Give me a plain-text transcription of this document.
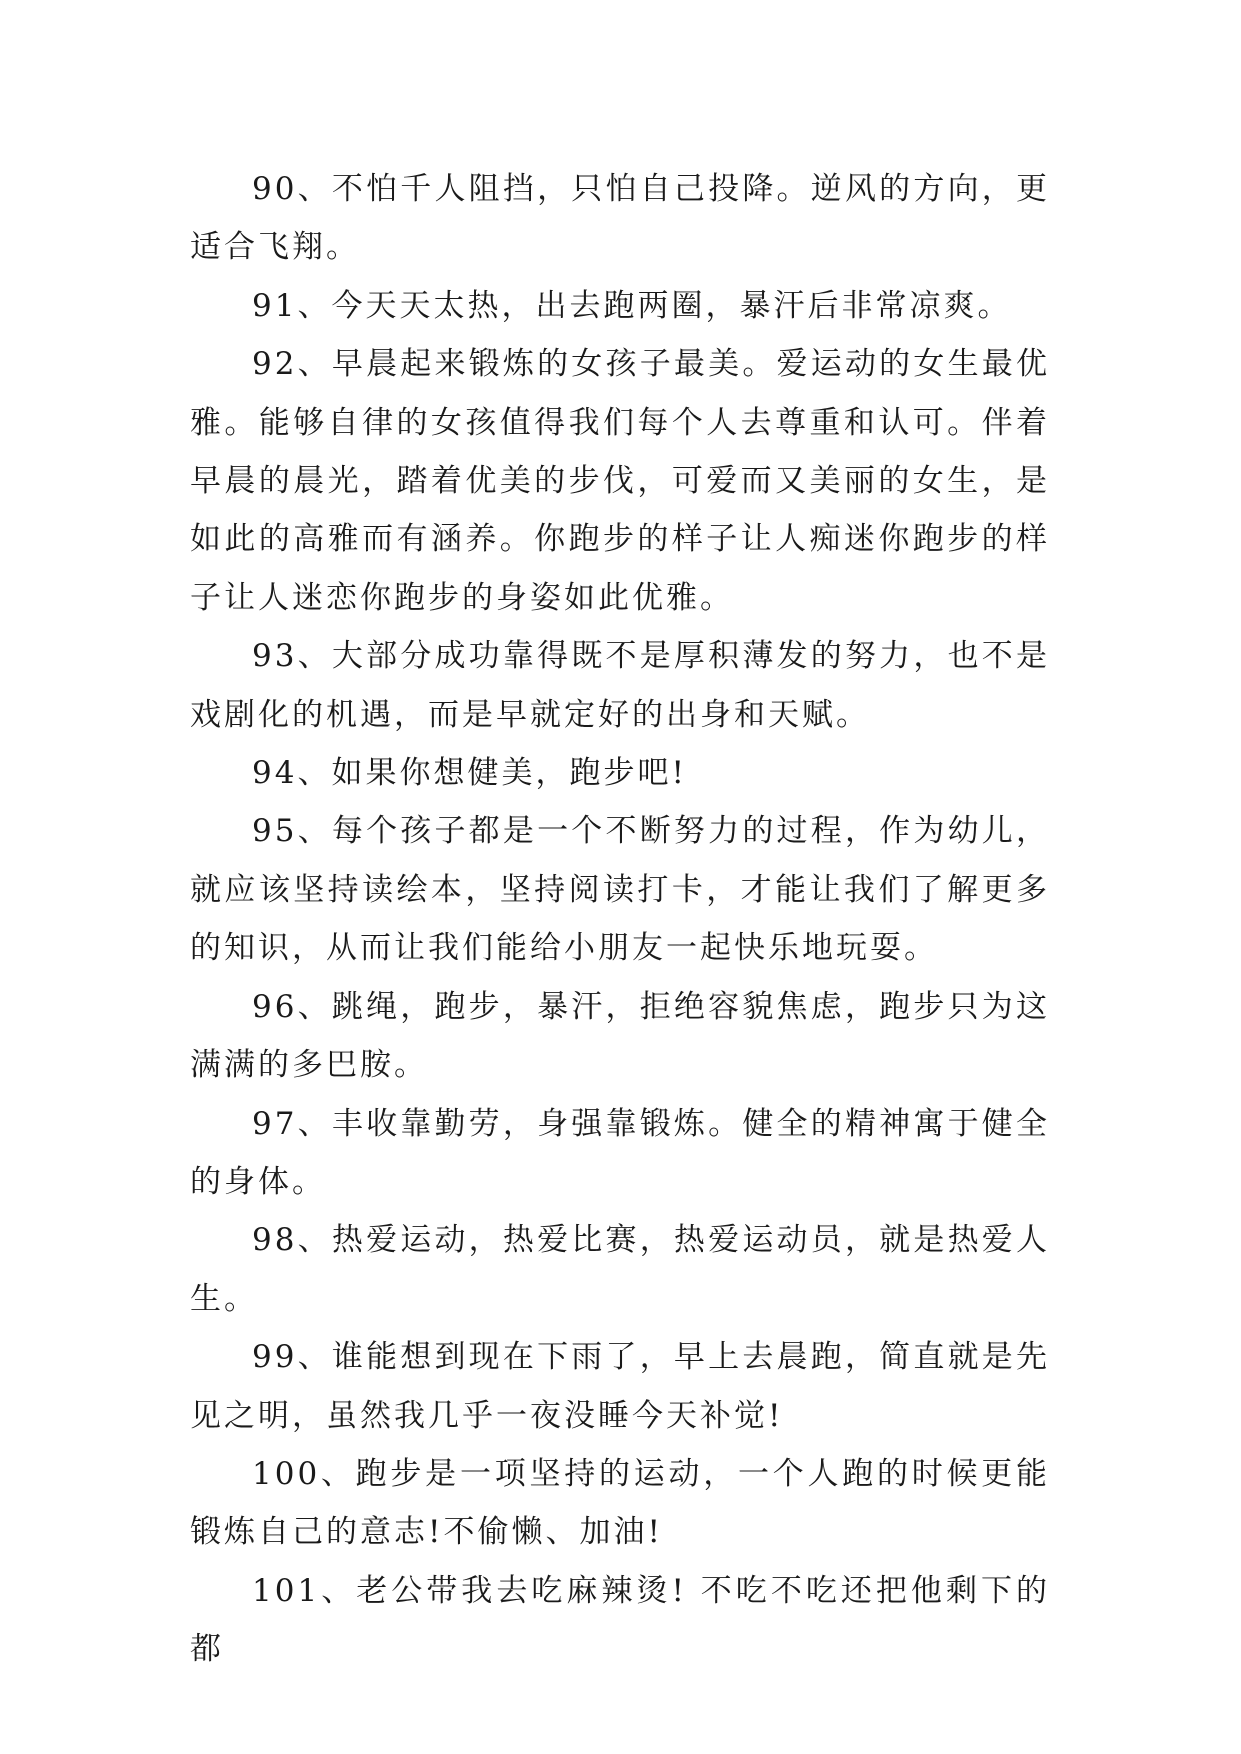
90、不怕千人阻挡，只怕自己投降。逆风的方向，更适合飞翔。

91、今天天太热，出去跑两圈，暴汗后非常凉爽。

92、早晨起来锻炼的女孩子最美。爱运动的女生最优雅。能够自律的女孩值得我们每个人去尊重和认可。伴着早晨的晨光，踏着优美的步伐，可爱而又美丽的女生，是如此的高雅而有涵养。你跑步的样子让人痴迷你跑步的样子让人迷恋你跑步的身姿如此优雅。

93、大部分成功靠得既不是厚积薄发的努力，也不是戏剧化的机遇，而是早就定好的出身和天赋。

94、如果你想健美，跑步吧!

95、每个孩子都是一个不断努力的过程，作为幼儿，就应该坚持读绘本，坚持阅读打卡，才能让我们了解更多的知识，从而让我们能给小朋友一起快乐地玩耍。

96、跳绳，跑步，暴汗，拒绝容貌焦虑，跑步只为这满满的多巴胺。

97、丰收靠勤劳，身强靠锻炼。健全的精神寓于健全的身体。

98、热爱运动，热爱比赛，热爱运动员，就是热爱人生。

99、谁能想到现在下雨了，早上去晨跑，简直就是先见之明，虽然我几乎一夜没睡今天补觉!

100、跑步是一项坚持的运动，一个人跑的时候更能锻炼自己的意志!不偷懒、加油!

101、老公带我去吃麻辣烫! 不吃不吃还把他剩下的都
